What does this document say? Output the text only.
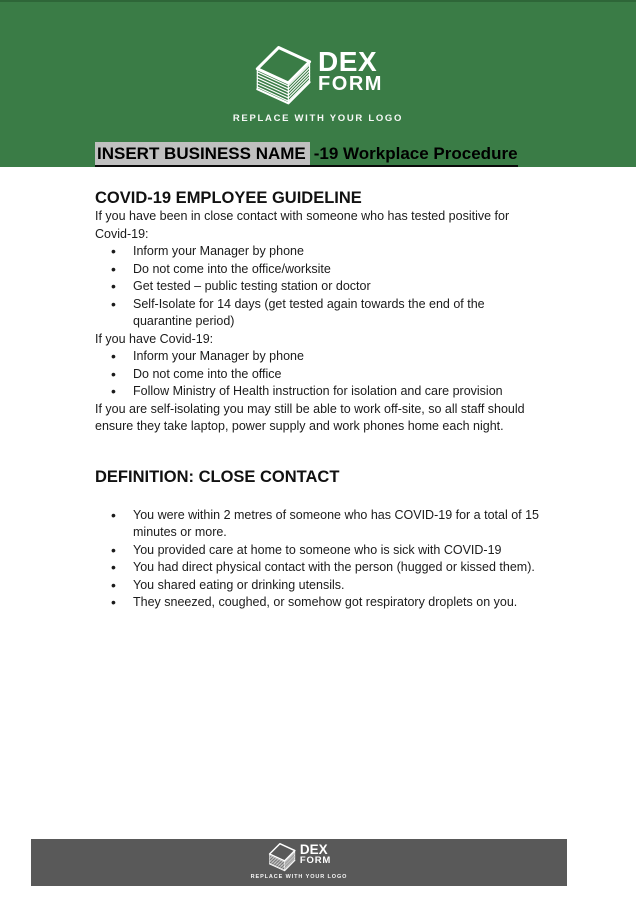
DEX
FORM
REPLACE WITH YOUR LOGO
INSERT BUSINESS NAME -19 Workplace Procedure
COVID-19 EMPLOYEE GUIDELINE

If you have been in close contact with someone who has tested positive for Covid-19:

• Inform your Manager by phone
• Do not come into the office/worksite
• Get tested – public testing station or doctor
• Self-Isolate for 14 days (get tested again towards the end of the quarantine period)

If you have Covid-19:

• Inform your Manager by phone
• Do not come into the office
• Follow Ministry of Health instruction for isolation and care provision

If you are self-isolating you may still be able to work off-site, so all staff should ensure they take laptop, power supply and work phones home each night.

DEFINITION: CLOSE CONTACT
• You were within 2 metres of someone who has COVID-19 for a total of 15 minutes or more.
• You provided care at home to someone who is sick with COVID-19
• You had direct physical contact with the person (hugged or kissed them).
• You shared eating or drinking utensils.
• They sneezed, coughed, or somehow got respiratory droplets on you.
DEX
FORM
REPLACE WITH YOUR LOGO
